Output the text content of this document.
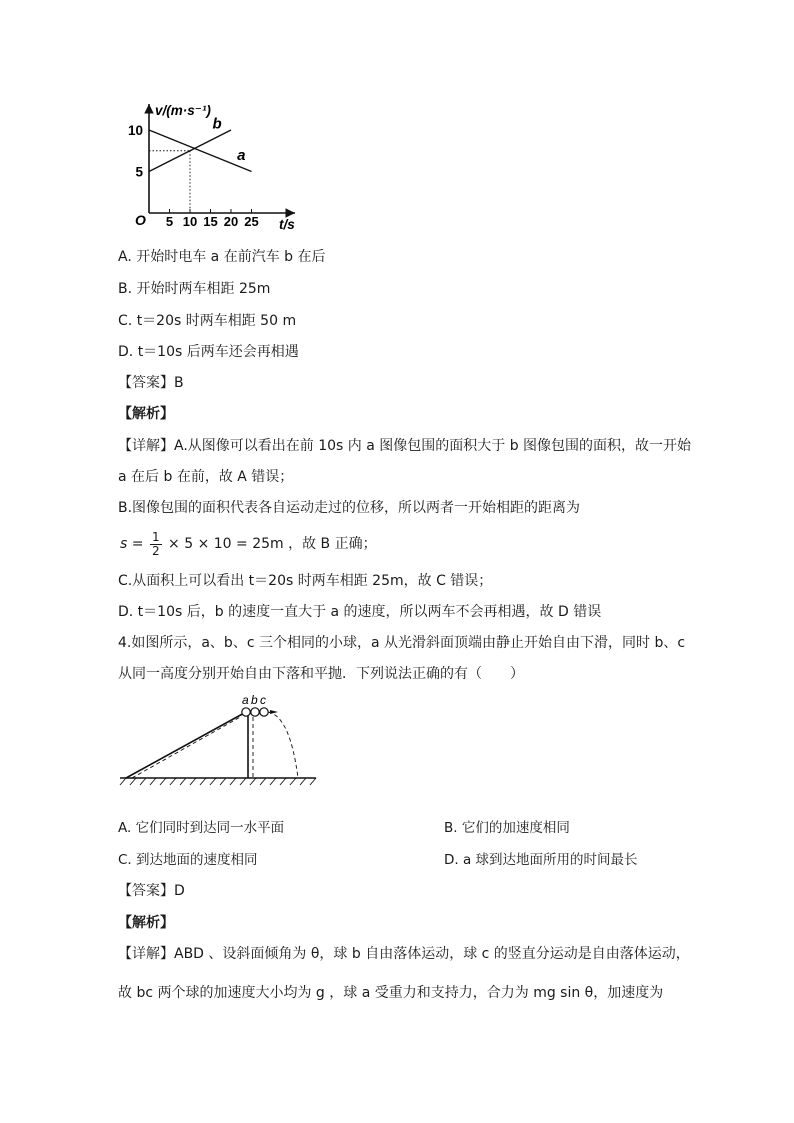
a
b
v/(m·s⁻¹)
t/s
O 5 10 15 20 25
5
10
A. 开始时电车 a 在前汽车 b 在后
B. 开始时两车相距 25m
C. t＝20s 时两车相距 50 m
D. t＝10s 后两车还会再相遇
【答案】B
【解析】
【详解】A.从图像可以看出在前 10s 内 a 图像包围的面积大于 b 图像包围的面积，故一开始
a 在后 b 在前，故 A 错误；
B.图像包围的面积代表各自运动走过的位移，所以两者一开始相距的距离为
$s = \frac{1}{2} \times 5 \times 10 = 25m$ ，故 B 正确；
C.从面积上可以看出 t＝20s 时两车相距 25m，故 C 错误；
D. t＝10s 后，b 的速度一直大于 a 的速度，所以两车不会再相遇，故 D 错误
4.如图所示，a、b、c 三个相同的小球，a 从光滑斜面顶端由静止开始自由下滑，同时 b、c
从同一高度分别开始自由下落和平抛．下列说法正确的有（　　）
a b c
A. 它们同时到达同一水平面	B. 它们的加速度相同
C. 到达地面的速度相同	D. a 球到达地面所用的时间最长
【答案】D
【解析】
【详解】ABD 、设斜面倾角为 θ，球 b 自由落体运动，球 c 的竖直分运动是自由落体运动，
故 bc 两个球的加速度大小均为 g ，球 a 受重力和支持力，合力为 mg sin θ，加速度为
